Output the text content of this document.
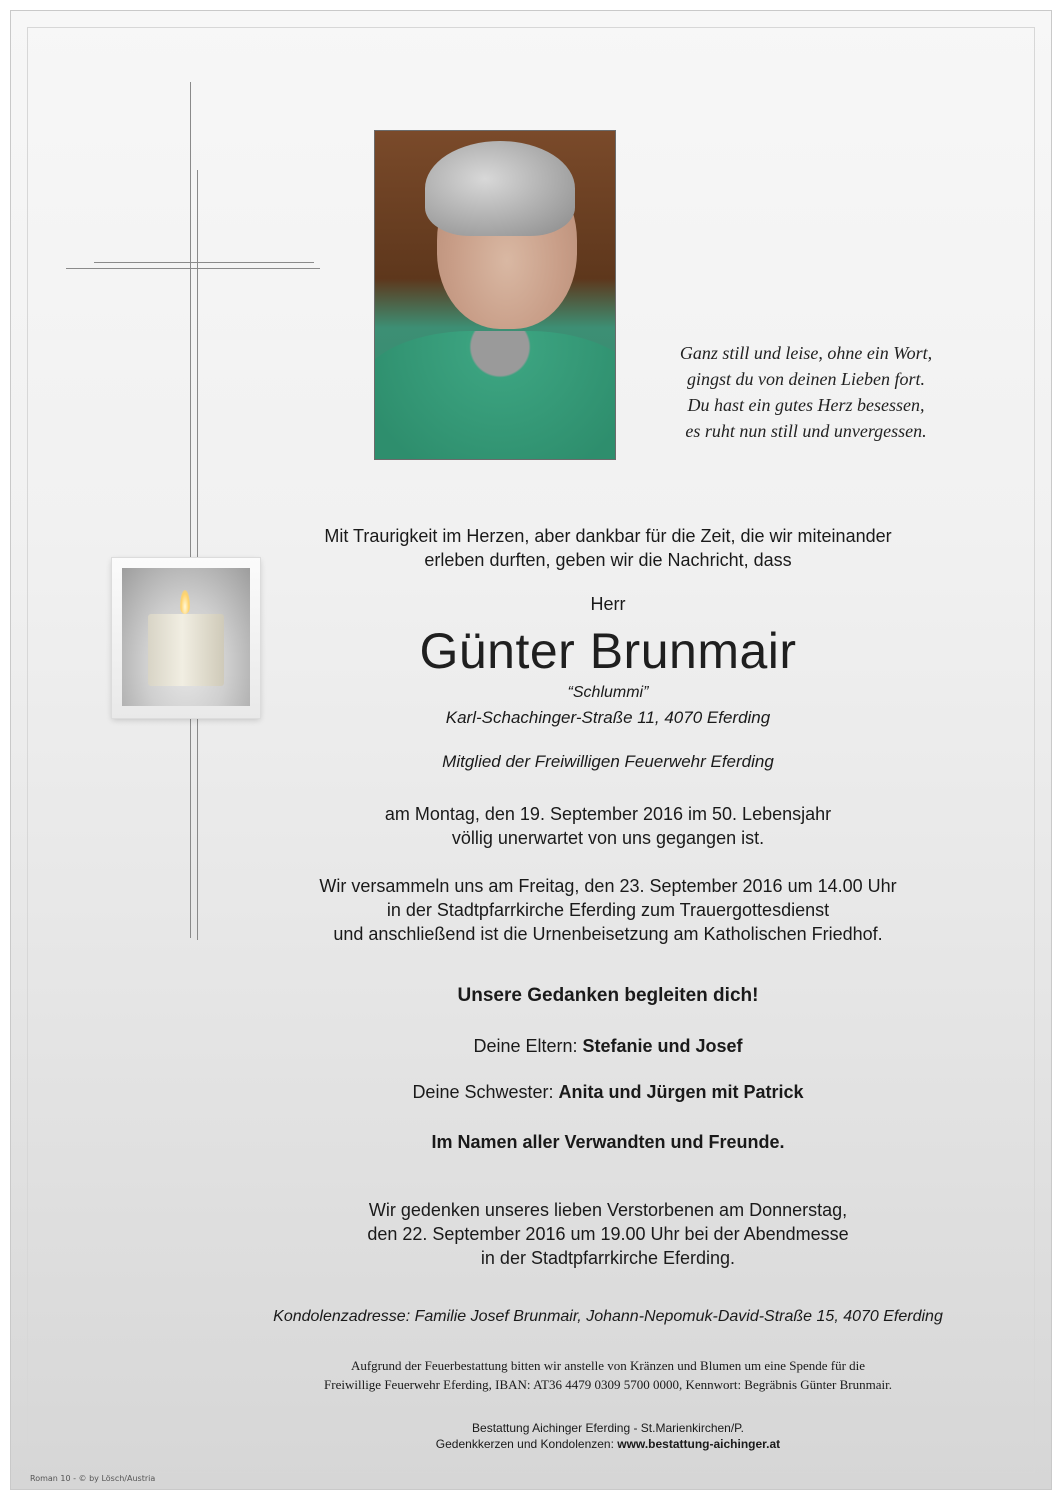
Ganz still und leise, ohne ein Wort,
gingst du von deinen Lieben fort.
Du hast ein gutes Herz besessen,
es ruht nun still und unvergessen.
Mit Traurigkeit im Herzen, aber dankbar für die Zeit, die wir miteinander
erleben durften, geben wir die Nachricht, dass
Herr
Günter Brunmair
“Schlummi”
Karl-Schachinger-Straße 11, 4070 Eferding
Mitglied der Freiwilligen Feuerwehr Eferding
am Montag, den 19. September 2016 im 50. Lebensjahr
völlig unerwartet von uns gegangen ist.
Wir versammeln uns am Freitag, den 23. September 2016 um 14.00 Uhr
in der Stadtpfarrkirche Eferding zum Trauergottesdienst
und anschließend ist die Urnenbeisetzung am Katholischen Friedhof.
Unsere Gedanken begleiten dich!
Deine Eltern: Stefanie und Josef
Deine Schwester: Anita und Jürgen mit Patrick
Im Namen aller Verwandten und Freunde.
Wir gedenken unseres lieben Verstorbenen am Donnerstag,
den 22. September 2016 um 19.00 Uhr bei der Abendmesse
in der Stadtpfarrkirche Eferding.
Kondolenzadresse: Familie Josef Brunmair, Johann-Nepomuk-David-Straße 15, 4070 Eferding
Aufgrund der Feuerbestattung bitten wir anstelle von Kränzen und Blumen um eine Spende für die
Freiwillige Feuerwehr Eferding, IBAN: AT36 4479 0309 5700 0000, Kennwort: Begräbnis Günter Brunmair.
Bestattung Aichinger Eferding - St.Marienkirchen/P.
Gedenkkerzen und Kondolenzen: www.bestattung-aichinger.at
Roman 10 - © by Lösch/Austria
